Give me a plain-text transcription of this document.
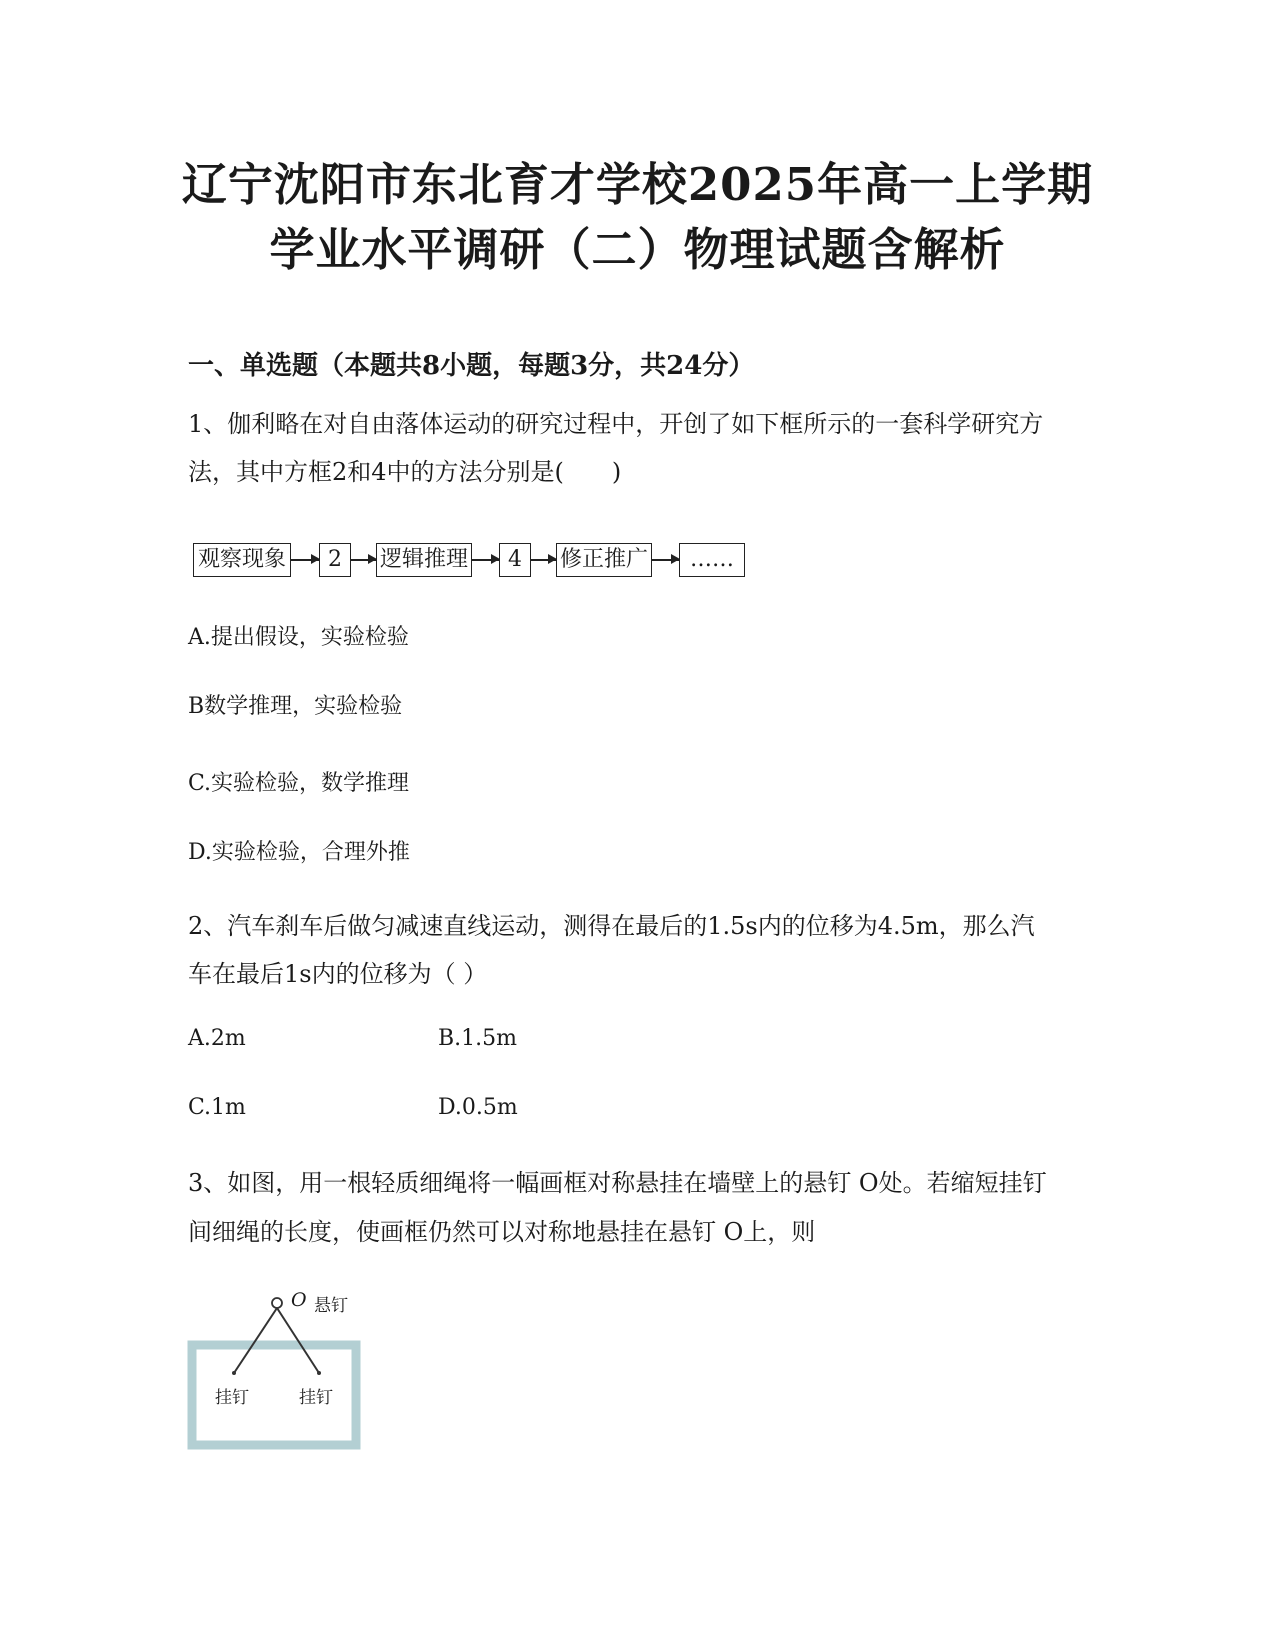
辽宁沈阳市东北育才学校2025年高一上学期
学业水平调研（二）物理试题含解析
一、单选题（本题共8小题，每题3分，共24分）
1、伽利略在对自由落体运动的研究过程中，开创了如下框所示的一套科学研究方
法，其中方框2和4中的方法分别是(　　)
观察现象	2	逻辑推理	4	修正推广	……
A.提出假设，实验检验
B数学推理，实验检验
C.实验检验，数学推理
D.实验检验，合理外推
2、汽车刹车后做匀减速直线运动，测得在最后的1.5s内的位移为4.5m，那么汽
车在最后1s内的位移为（ ）
A.2m	B.1.5m
C.1m	D.0.5m
3、如图，用一根轻质细绳将一幅画框对称悬挂在墙壁上的悬钉 O处。若缩短挂钉
间细绳的长度，使画框仍然可以对称地悬挂在悬钉 O上，则
O 悬钉
挂钉	挂钉
